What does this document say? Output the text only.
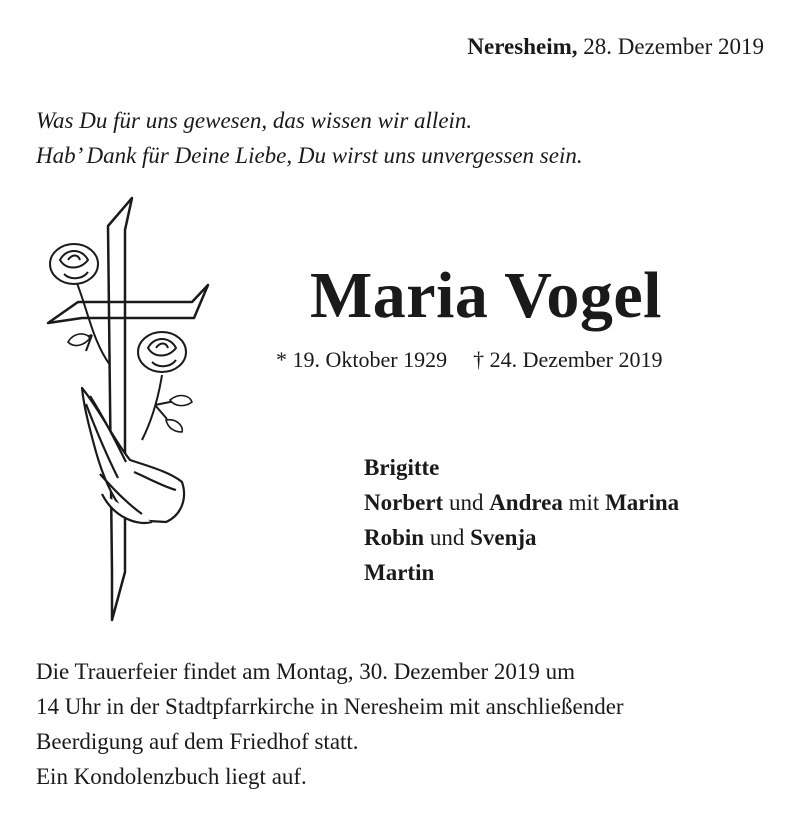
Neresheim, 28. Dezember 2019
Was Du für uns gewesen, das wissen wir allein.
Hab’ Dank für Deine Liebe, Du wirst uns unvergessen sein.
Maria Vogel
* 19. Oktober 1929 † 24. Dezember 2019
Brigitte
Norbert und Andrea mit Marina
Robin und Svenja
Martin
Die Trauerfeier findet am Montag, 30. Dezember 2019 um
14 Uhr in der Stadtpfarrkirche in Neresheim mit anschließender
Beerdigung auf dem Friedhof statt.
Ein Kondolenzbuch liegt auf.
